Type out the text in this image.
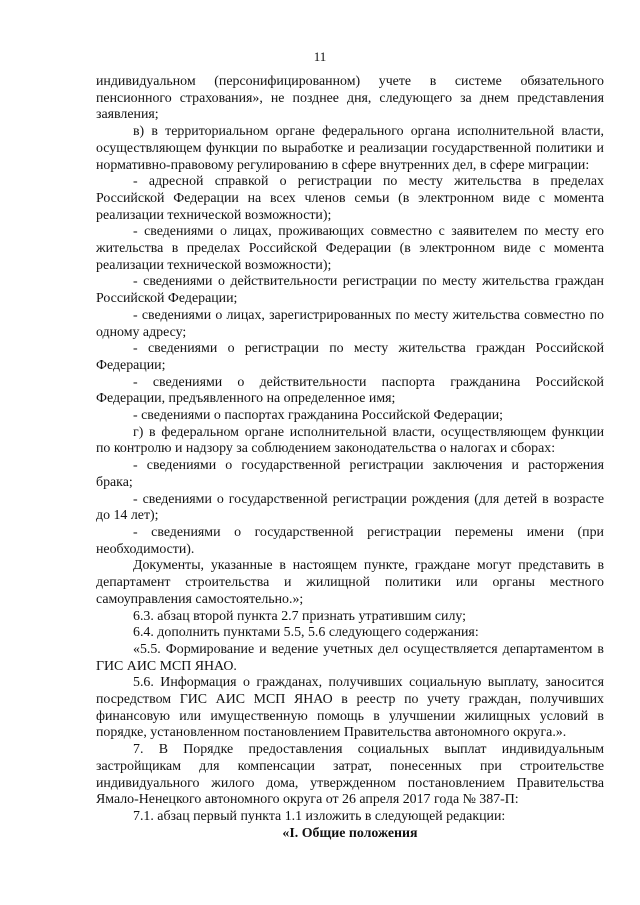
11

индивидуальном (персонифицированном) учете в системе обязательного пенсионного страхования», не позднее дня, следующего за днем представления заявления;

в) в территориальном органе федерального органа исполнительной власти, осуществляющем функции по выработке и реализации государственной политики и нормативно-правовому регулированию в сфере внутренних дел, в сфере миграции:

- адресной справкой о регистрации по месту жительства в пределах Российской Федерации на всех членов семьи (в электронном виде с момента реализации технической возможности);

- сведениями о лицах, проживающих совместно с заявителем по месту его жительства в пределах Российской Федерации (в электронном виде с момента реализации технической возможности);

- сведениями о действительности регистрации по месту жительства граждан Российской Федерации;

- сведениями о лицах, зарегистрированных по месту жительства совместно по одному адресу;

- сведениями о регистрации по месту жительства граждан Российской Федерации;

- сведениями о действительности паспорта гражданина Российской Федерации, предъявленного на определенное имя;

- сведениями о паспортах гражданина Российской Федерации;

г) в федеральном органе исполнительной власти, осуществляющем функции по контролю и надзору за соблюдением законодательства о налогах и сборах:

- сведениями о государственной регистрации заключения и расторжения брака;

- сведениями о государственной регистрации рождения (для детей в возрасте до 14 лет);

- сведениями о государственной регистрации перемены имени (при необходимости).

Документы, указанные в настоящем пункте, граждане могут представить в департамент строительства и жилищной политики или органы местного самоуправления самостоятельно.»;

6.3. абзац второй пункта 2.7 признать утратившим силу;

6.4. дополнить пунктами 5.5, 5.6 следующего содержания:

«5.5. Формирование и ведение учетных дел осуществляется департаментом в ГИС АИС МСП ЯНАО.

5.6. Информация о гражданах, получивших социальную выплату, заносится посредством ГИС АИС МСП ЯНАО в реестр по учету граждан, получивших финансовую или имущественную помощь в улучшении жилищных условий в порядке, установленном постановлением Правительства автономного округа.».

7. В Порядке предоставления социальных выплат индивидуальным застройщикам для компенсации затрат, понесенных при строительстве индивидуального жилого дома, утвержденном постановлением Правительства Ямало-Ненецкого автономного округа от 26 апреля 2017 года № 387-П:

7.1. абзац первый пункта 1.1 изложить в следующей редакции:

«I. Общие положения
